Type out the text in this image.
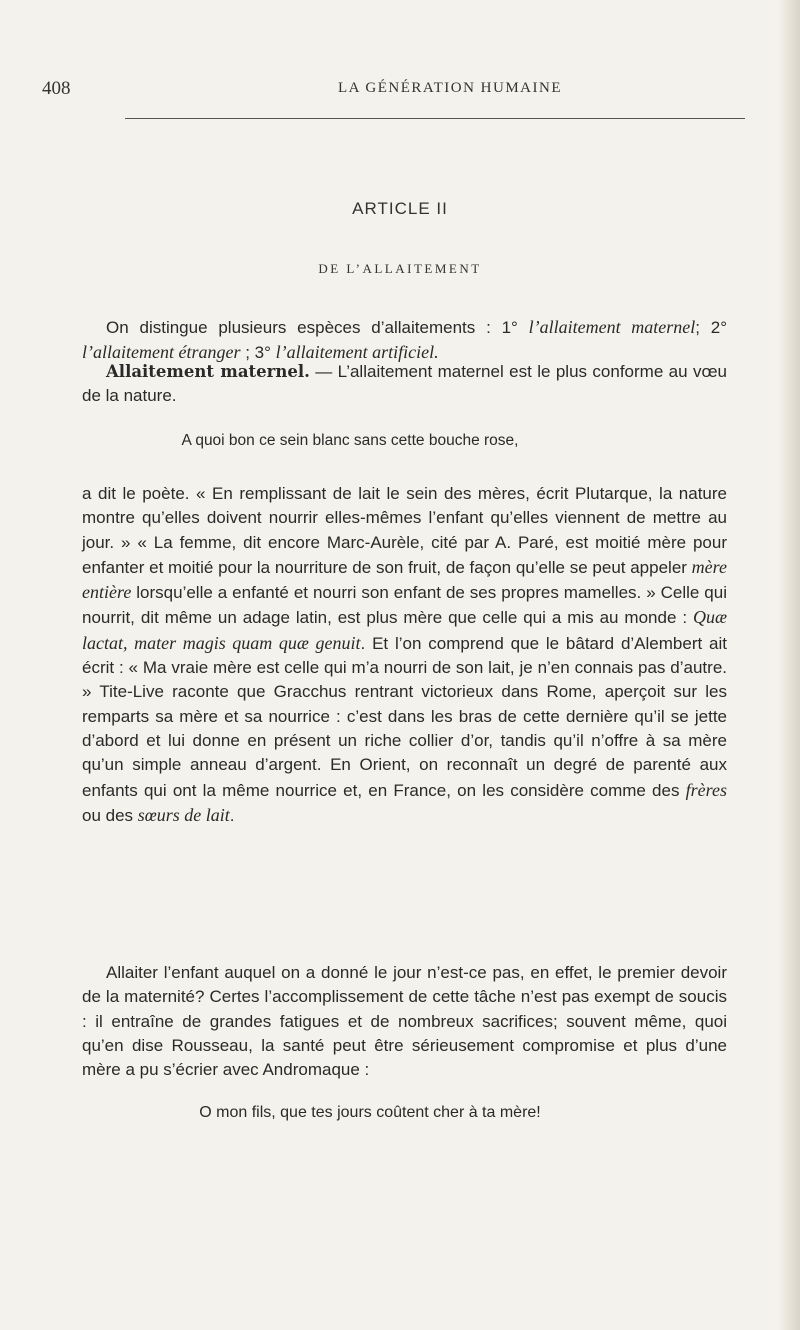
408	LA GÉNÉRATION HUMAINE
ARTICLE II
DE L’ALLAITEMENT

On distingue plusieurs espèces d’allaitements : 1° l’allaitement maternel; 2° l’allaitement étranger ; 3° l’allaitement artificiel.

Allaitement maternel. — L’allaitement maternel est le plus conforme au vœu de la nature.

A quoi bon ce sein blanc sans cette bouche rose,

a dit le poète. « En remplissant de lait le sein des mères, écrit Plutarque, la nature montre qu’elles doivent nourrir elles-mêmes l’enfant qu’elles viennent de mettre au jour. » « La femme, dit encore Marc-Aurèle, cité par A. Paré, est moitié mère pour enfanter et moitié pour la nourriture de son fruit, de façon qu’elle se peut appeler mère entière lorsqu’elle a enfanté et nourri son enfant de ses propres mamelles. » Celle qui nourrit, dit même un adage latin, est plus mère que celle qui a mis au monde : Quæ lactat, mater magis quam quæ genuit. Et l’on comprend que le bâtard d’Alembert ait écrit : « Ma vraie mère est celle qui m’a nourri de son lait, je n’en connais pas d’autre. » Tite-Live raconte que Gracchus rentrant victorieux dans Rome, aperçoit sur les remparts sa mère et sa nourrice : c’est dans les bras de cette dernière qu’il se jette d’abord et lui donne en présent un riche collier d’or, tandis qu’il n’offre à sa mère qu’un simple anneau d’argent. En Orient, on reconnaît un degré de parenté aux enfants qui ont la même nourrice et, en France, on les considère comme des frères ou des sœurs de lait.

Allaiter l’enfant auquel on a donné le jour n’est-ce pas, en effet, le premier devoir de la maternité? Certes l’accomplissement de cette tâche n’est pas exempt de soucis : il entraîne de grandes fatigues et de nombreux sacrifices; souvent même, quoi qu’en dise Rousseau, la santé peut être sérieusement compromise et plus d’une mère a pu s’écrier avec Andromaque :

O mon fils, que tes jours coûtent cher à ta mère!
